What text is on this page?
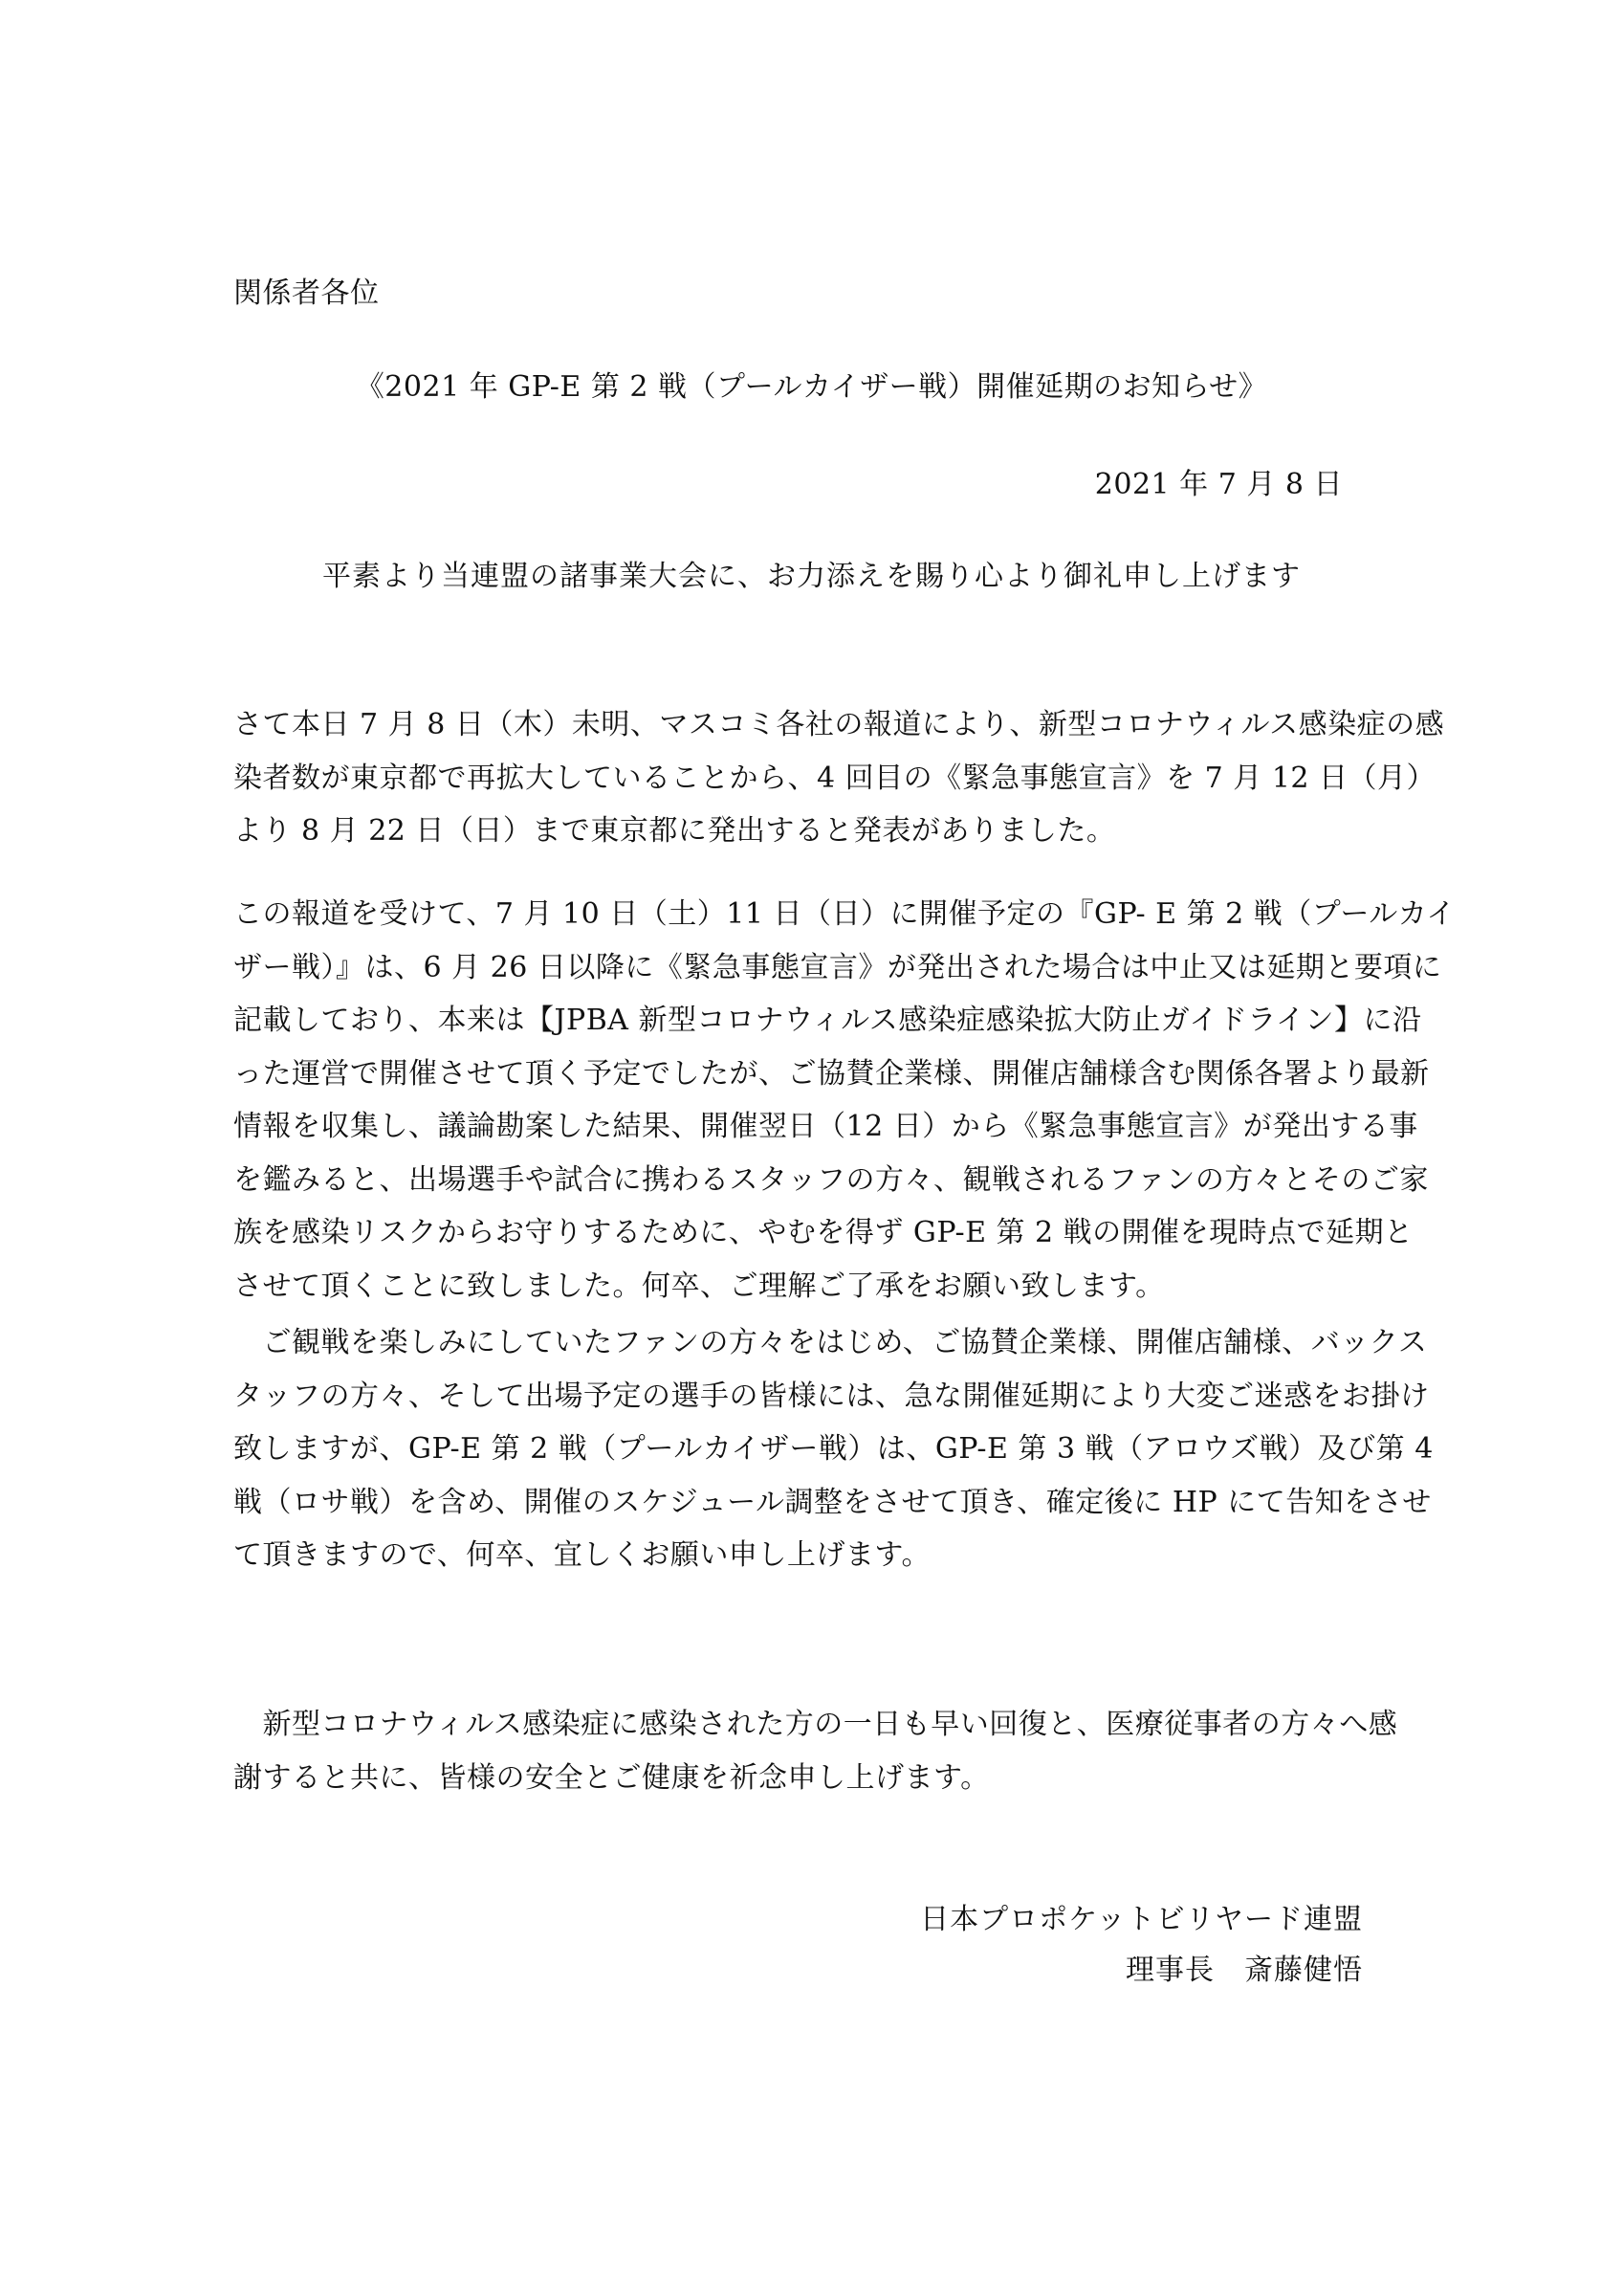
関係者各位
《2021 年 GP-E 第 2 戦（プールカイザー戦）開催延期のお知らせ》
2021 年 7 月 8 日
平素より当連盟の諸事業大会に、お力添えを賜り心より御礼申し上げます
さて本日 7 月 8 日（木）未明、マスコミ各社の報道により、新型コロナウィルス感染症の感
染者数が東京都で再拡大していることから、4 回目の《緊急事態宣言》を 7 月 12 日（月）
より 8 月 22 日（日）まで東京都に発出すると発表がありました。
この報道を受けて、7 月 10 日（土）11 日（日）に開催予定の『GP- E 第 2 戦（プールカイ
ザー戦）』は、6 月 26 日以降に《緊急事態宣言》が発出された場合は中止又は延期と要項に
記載しており、本来は【JPBA 新型コロナウィルス感染症感染拡大防止ガイドライン】に沿
った運営で開催させて頂く予定でしたが、ご協賛企業様、開催店舗様含む関係各署より最新
情報を収集し、議論勘案した結果、開催翌日（12 日）から《緊急事態宣言》が発出する事
を鑑みると、出場選手や試合に携わるスタッフの方々、観戦されるファンの方々とそのご家
族を感染リスクからお守りするために、やむを得ず GP-E 第 2 戦の開催を現時点で延期と
させて頂くことに致しました。何卒、ご理解ご了承をお願い致します。
　ご観戦を楽しみにしていたファンの方々をはじめ、ご協賛企業様、開催店舗様、バックス
タッフの方々、そして出場予定の選手の皆様には、急な開催延期により大変ご迷惑をお掛け
致しますが、GP-E 第 2 戦（プールカイザー戦）は、GP-E 第 3 戦（アロウズ戦）及び第 4
戦（ロサ戦）を含め、開催のスケジュール調整をさせて頂き、確定後に HP にて告知をさせ
て頂きますので、何卒、宜しくお願い申し上げます。
　新型コロナウィルス感染症に感染された方の一日も早い回復と、医療従事者の方々へ感
謝すると共に、皆様の安全とご健康を祈念申し上げます。
日本プロポケットビリヤード連盟
理事長　斎藤健悟
